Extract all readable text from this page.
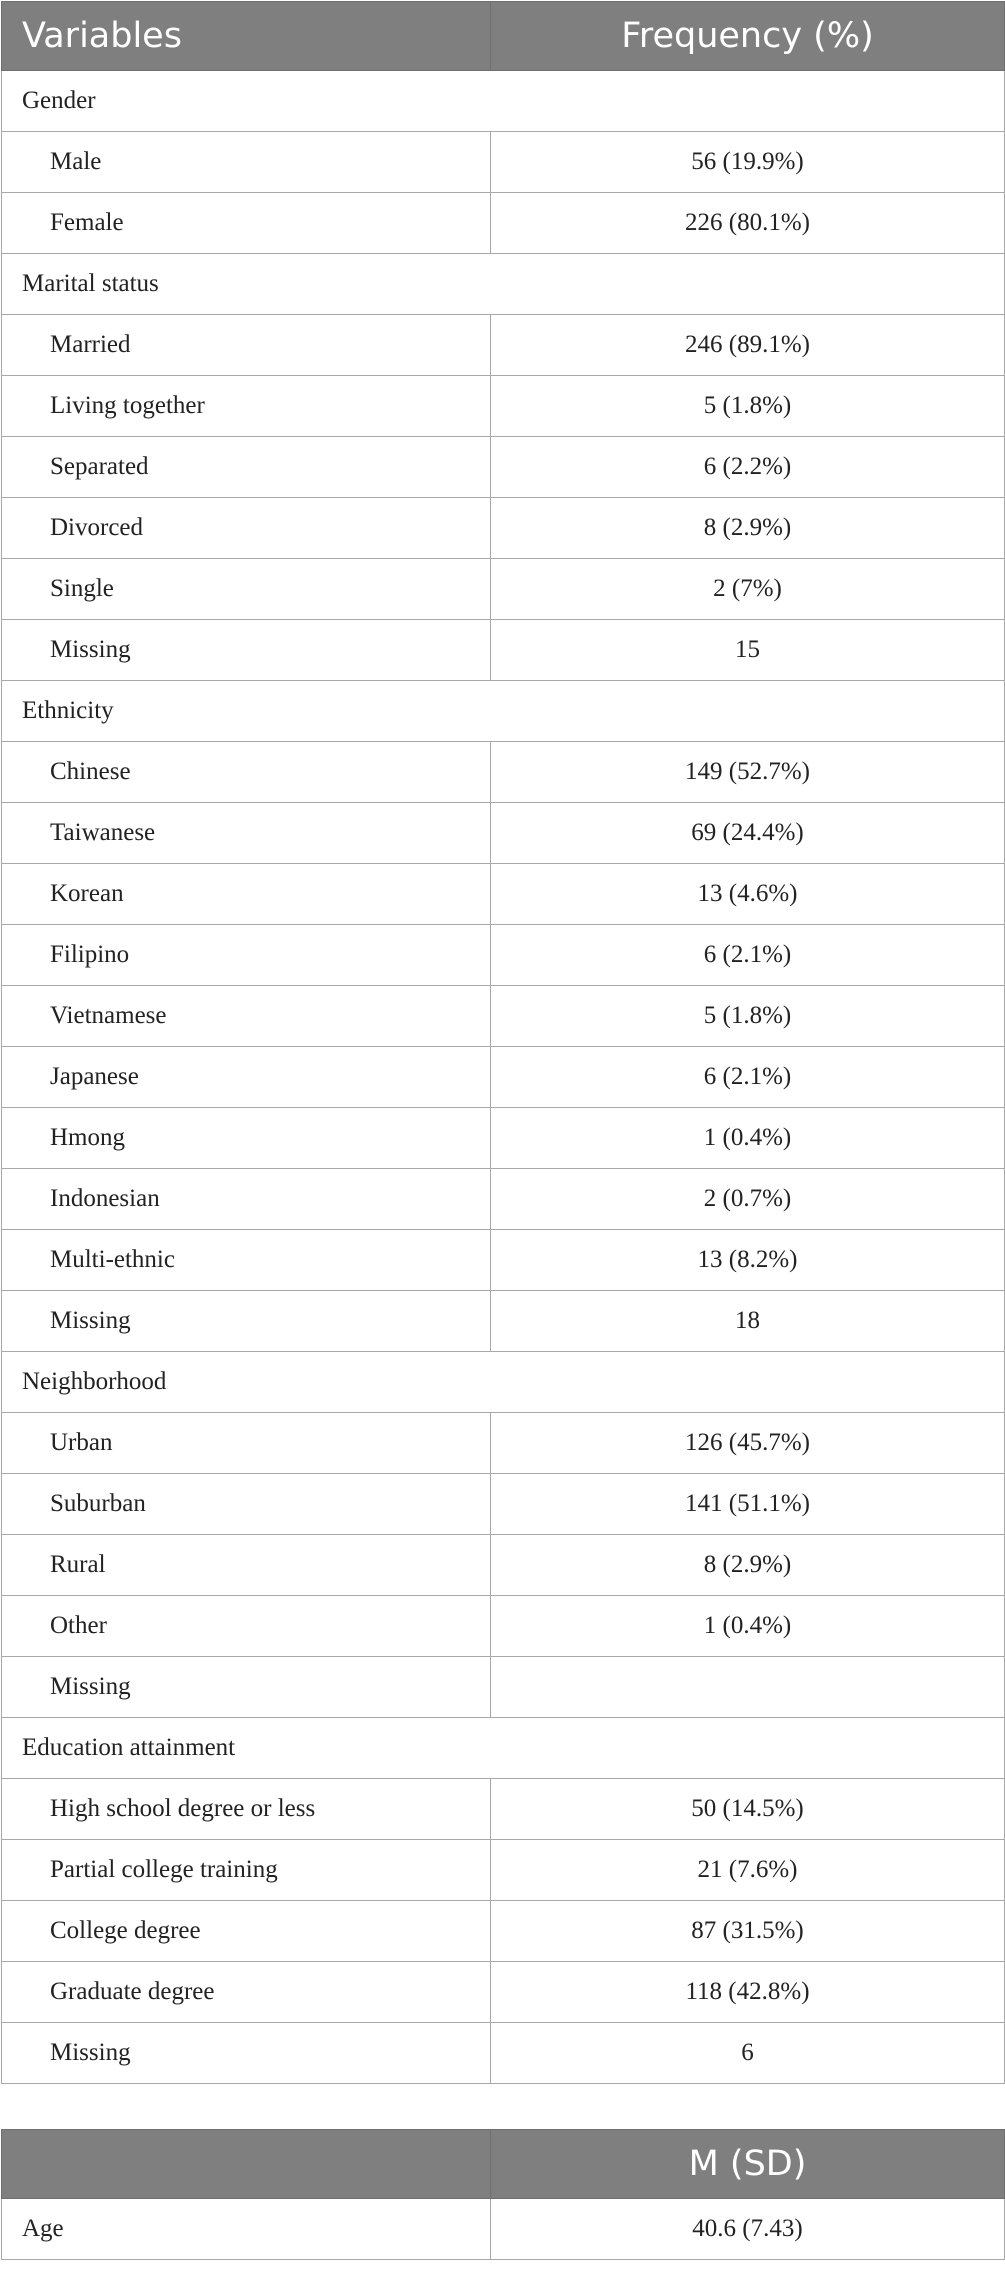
Variables	Frequency (%)
Gender	
Male	56 (19.9%)
Female	226 (80.1%)
Marital status	
Married	246 (89.1%)
Living together	5 (1.8%)
Separated	6 (2.2%)
Divorced	8 (2.9%)
Single	2 (7%)
Missing	15
Ethnicity	
Chinese	149 (52.7%)
Taiwanese	69 (24.4%)
Korean	13 (4.6%)
Filipino	6 (2.1%)
Vietnamese	5 (1.8%)
Japanese	6 (2.1%)
Hmong	1 (0.4%)
Indonesian	2 (0.7%)
Multi-ethnic	13 (8.2%)
Missing	18
Neighborhood	
Urban	126 (45.7%)
Suburban	141 (51.1%)
Rural	8 (2.9%)
Other	1 (0.4%)
Missing	
Education attainment	
High school degree or less	50 (14.5%)
Partial college training	21 (7.6%)
College degree	87 (31.5%)
Graduate degree	118 (42.8%)
Missing	6
	M (SD)
Age	40.6 (7.43)
